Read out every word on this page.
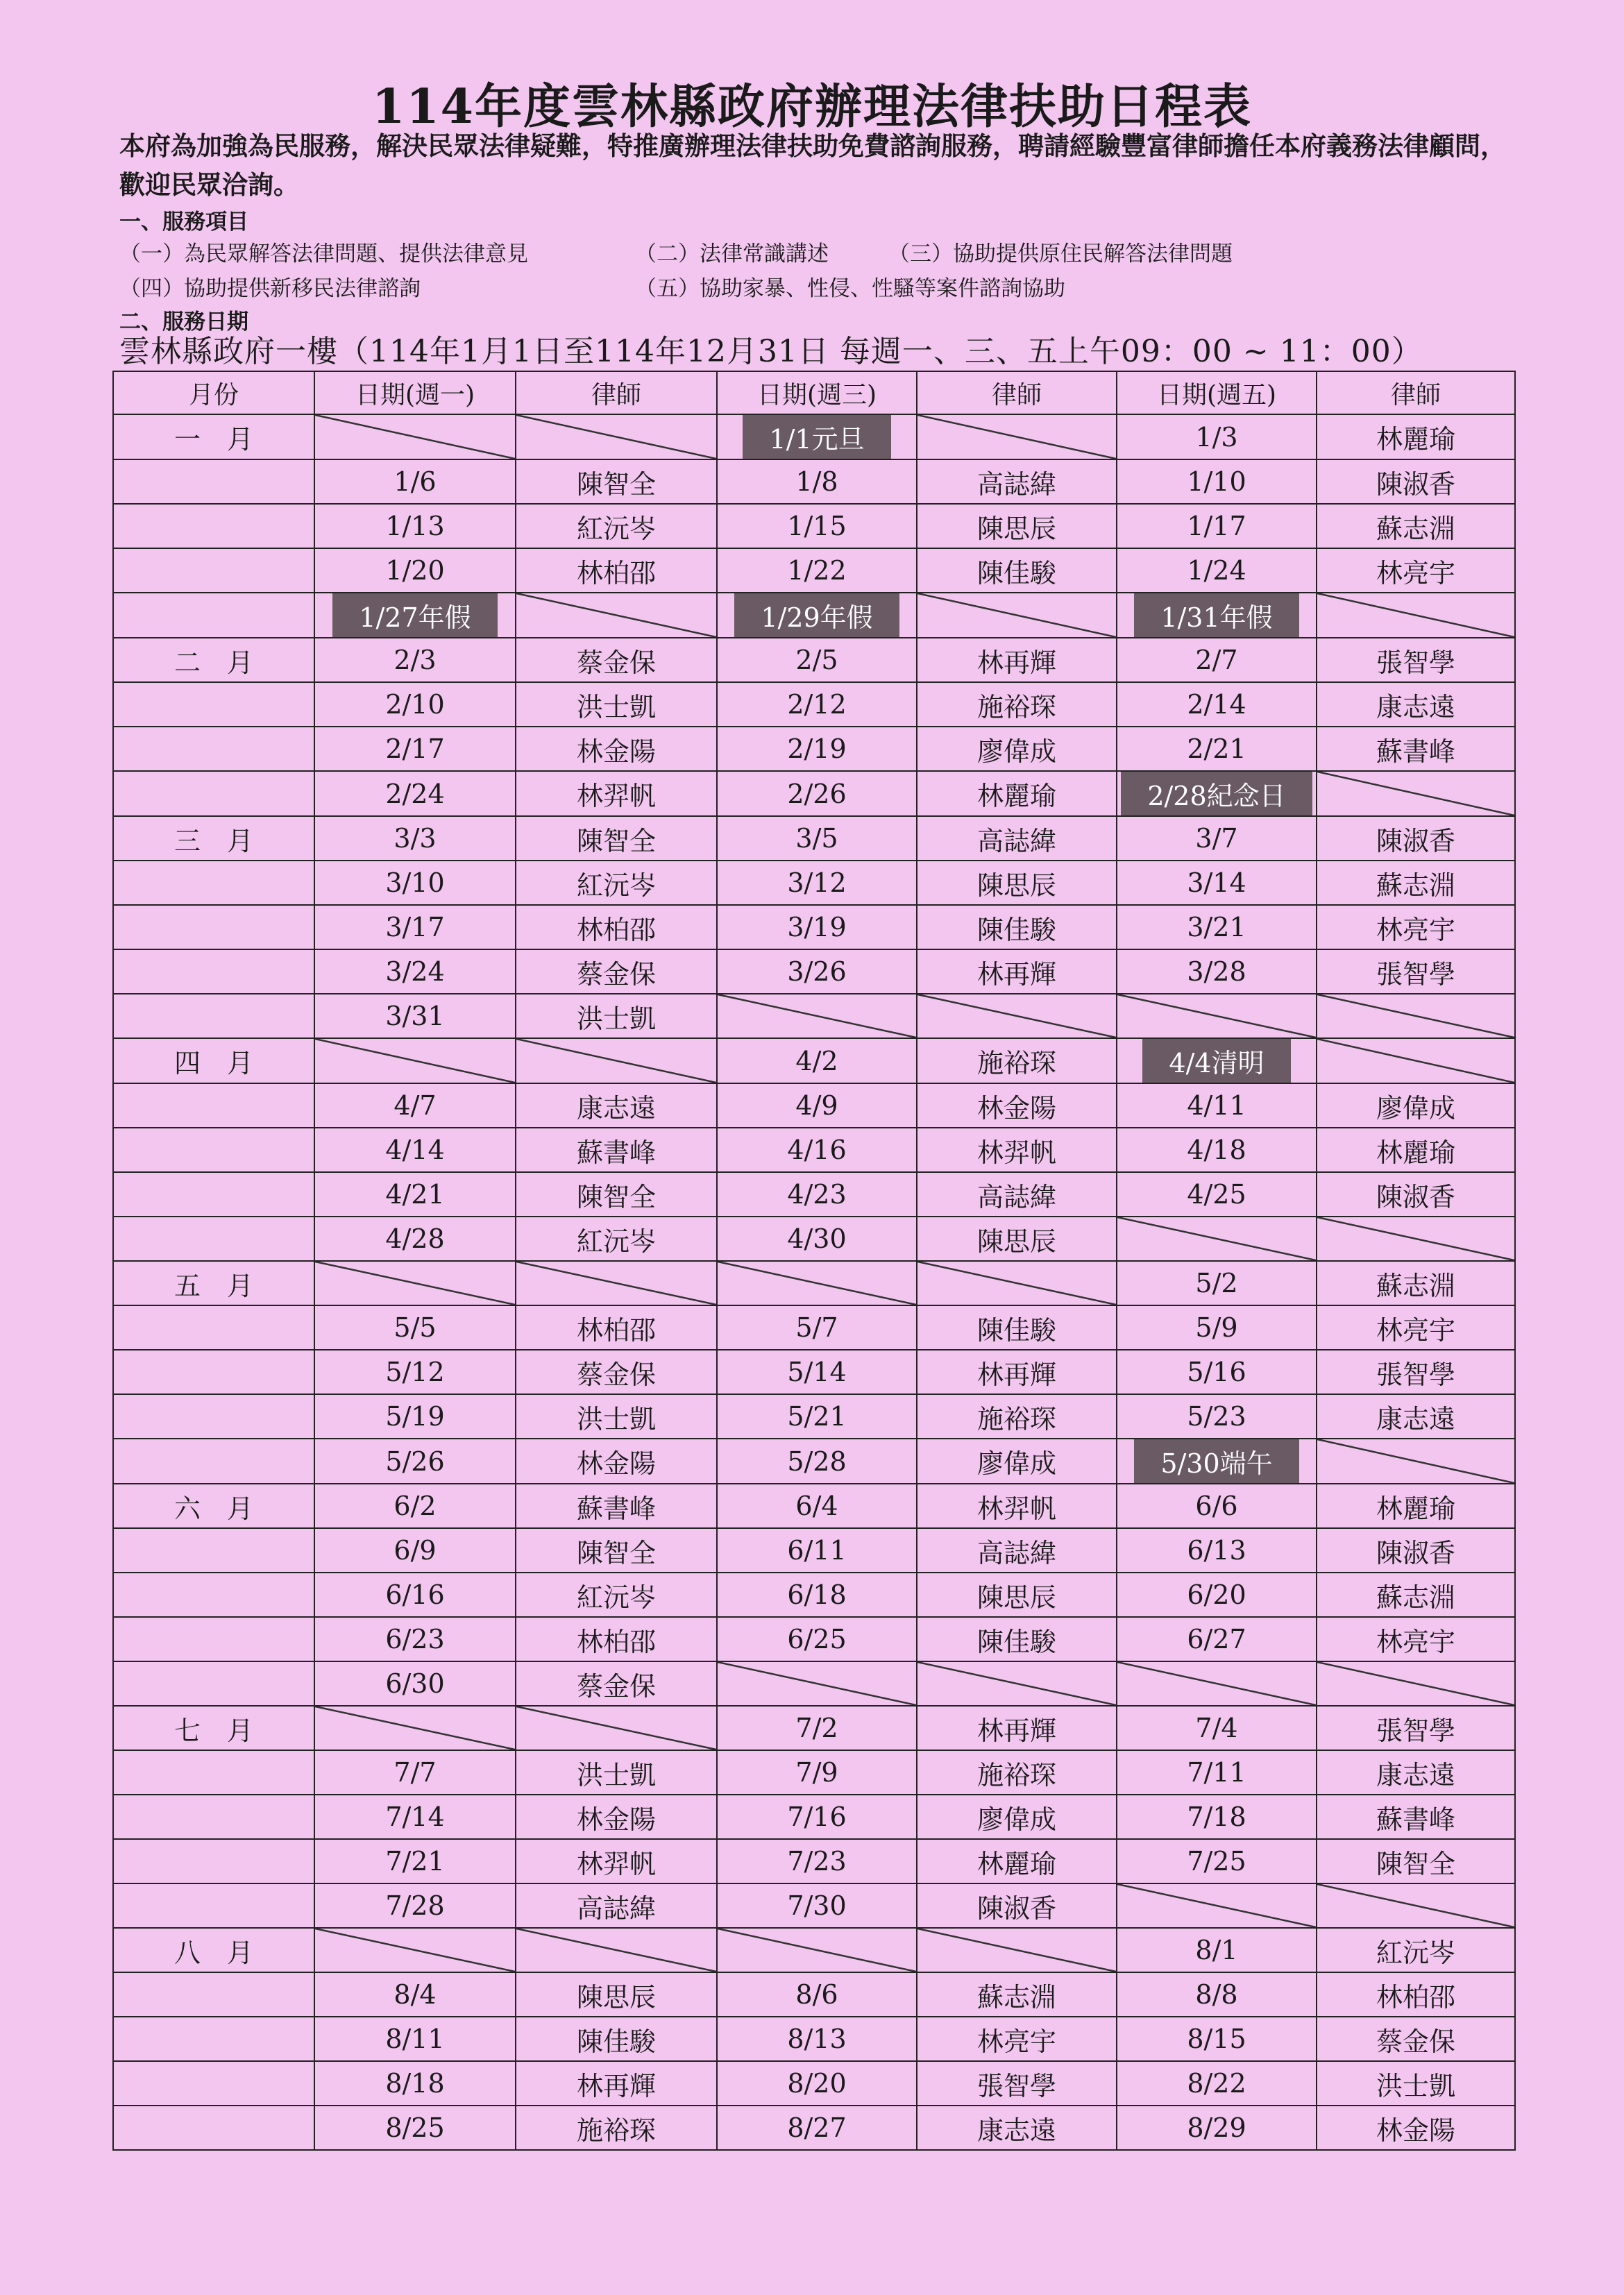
114年度雲林縣政府辦理法律扶助日程表
本府為加強為民服務，解決民眾法律疑難，特推廣辦理法律扶助免費諮詢服務，聘請經驗豐富律師擔任本府義務法律顧問，歡迎民眾洽詢。
一、服務項目
（一）為民眾解答法律問題、提供法律意見	（二）法律常識講述	（三）協助提供原住民解答法律問題
（四）協助提供新移民法律諮詢	（五）協助家暴、性侵、性騷等案件諮詢協助
二、服務日期
雲林縣政府一樓（114年1月1日至114年12月31日 每週一、三、五上午09：00 ~ 11：00）
月份	日期(週一)	律師	日期(週三)	律師	日期(週五)	律師
一　月			1/1元旦		1/3	林麗瑜
	1/6	陳智全	1/8	高誌緯	1/10	陳淑香
	1/13	紅沅岑	1/15	陳思辰	1/17	蘇志淵
	1/20	林柏邵	1/22	陳佳駿	1/24	林亮宇
	1/27年假		1/29年假		1/31年假	
二　月	2/3	蔡金保	2/5	林再輝	2/7	張智學
	2/10	洪士凱	2/12	施裕琛	2/14	康志遠
	2/17	林金陽	2/19	廖偉成	2/21	蘇書峰
	2/24	林羿帆	2/26	林麗瑜	2/28紀念日	
三　月	3/3	陳智全	3/5	高誌緯	3/7	陳淑香
	3/10	紅沅岑	3/12	陳思辰	3/14	蘇志淵
	3/17	林柏邵	3/19	陳佳駿	3/21	林亮宇
	3/24	蔡金保	3/26	林再輝	3/28	張智學
	3/31	洪士凱				
四　月			4/2	施裕琛	4/4清明	
	4/7	康志遠	4/9	林金陽	4/11	廖偉成
	4/14	蘇書峰	4/16	林羿帆	4/18	林麗瑜
	4/21	陳智全	4/23	高誌緯	4/25	陳淑香
	4/28	紅沅岑	4/30	陳思辰		
五　月					5/2	蘇志淵
	5/5	林柏邵	5/7	陳佳駿	5/9	林亮宇
	5/12	蔡金保	5/14	林再輝	5/16	張智學
	5/19	洪士凱	5/21	施裕琛	5/23	康志遠
	5/26	林金陽	5/28	廖偉成	5/30端午	
六　月	6/2	蘇書峰	6/4	林羿帆	6/6	林麗瑜
	6/9	陳智全	6/11	高誌緯	6/13	陳淑香
	6/16	紅沅岑	6/18	陳思辰	6/20	蘇志淵
	6/23	林柏邵	6/25	陳佳駿	6/27	林亮宇
	6/30	蔡金保				
七　月			7/2	林再輝	7/4	張智學
	7/7	洪士凱	7/9	施裕琛	7/11	康志遠
	7/14	林金陽	7/16	廖偉成	7/18	蘇書峰
	7/21	林羿帆	7/23	林麗瑜	7/25	陳智全
	7/28	高誌緯	7/30	陳淑香		
八　月					8/1	紅沅岑
	8/4	陳思辰	8/6	蘇志淵	8/8	林柏邵
	8/11	陳佳駿	8/13	林亮宇	8/15	蔡金保
	8/18	林再輝	8/20	張智學	8/22	洪士凱
	8/25	施裕琛	8/27	康志遠	8/29	林金陽
